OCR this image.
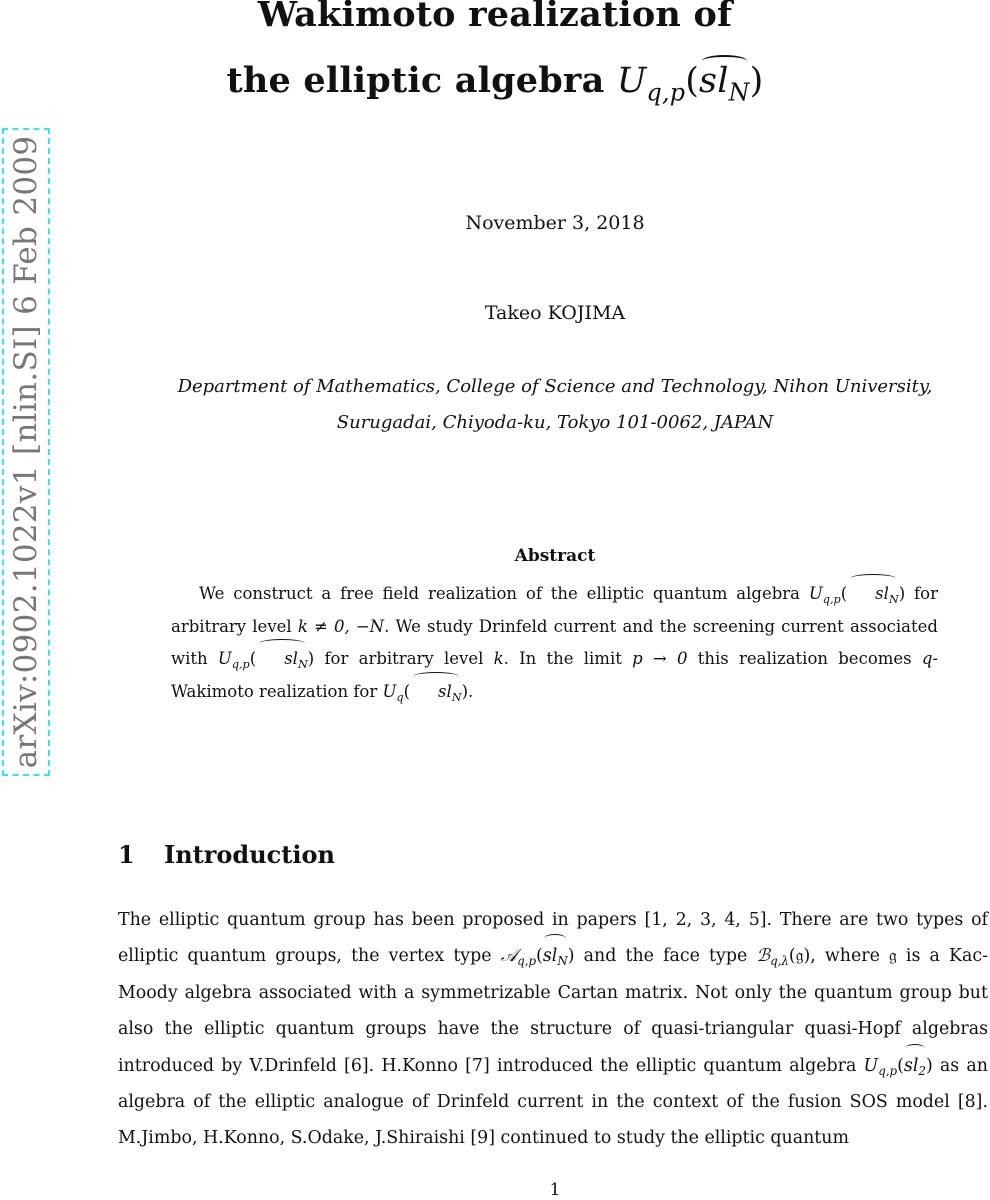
Wakimoto realization of
the elliptic algebra $U_{q,p}(sl_N)$
November 3, 2018
Takeo KOJIMA
Department of Mathematics, College of Science and Technology, Nihon University,
Surugadai, Chiyoda-ku, Tokyo 101-0062, JAPAN
Abstract
We construct a free field realization of the elliptic quantum algebra $U_{q,p}$( $sl_N$) for arbitrary level k ≠ 0, −N. We study Drinfeld current and the screening current associated with $U_{q,p}$( $sl_N$) for arbitrary level k. In the limit p → 0 this realization becomes q-Wakimoto realization for $U_q$( $sl_N$).
1 Introduction
The elliptic quantum group has been proposed in papers [1, 2, 3, 4, 5]. There are two types of elliptic quantum groups, the vertex type $𝒜_{q,p}(sl_N)$ and the face type ℬ$_{q,\lambda}$(𝔤), where 𝔤 is a Kac-Moody algebra associated with a symmetrizable Cartan matrix. Not only the quantum group but also the elliptic quantum groups have the structure of quasi-triangular quasi-Hopf algebras introduced by V.Drinfeld [6]. H.Konno [7] introduced the elliptic quantum algebra $U_{q,p}(sl_2)$ as an algebra of the elliptic analogue of Drinfeld current in the context of the fusion SOS model [8]. M.Jimbo, H.Konno, S.Odake, J.Shiraishi [9] continued to study the elliptic quantum
1
arXiv:0902.1022v1 [nlin.SI] 6 Feb 2009
